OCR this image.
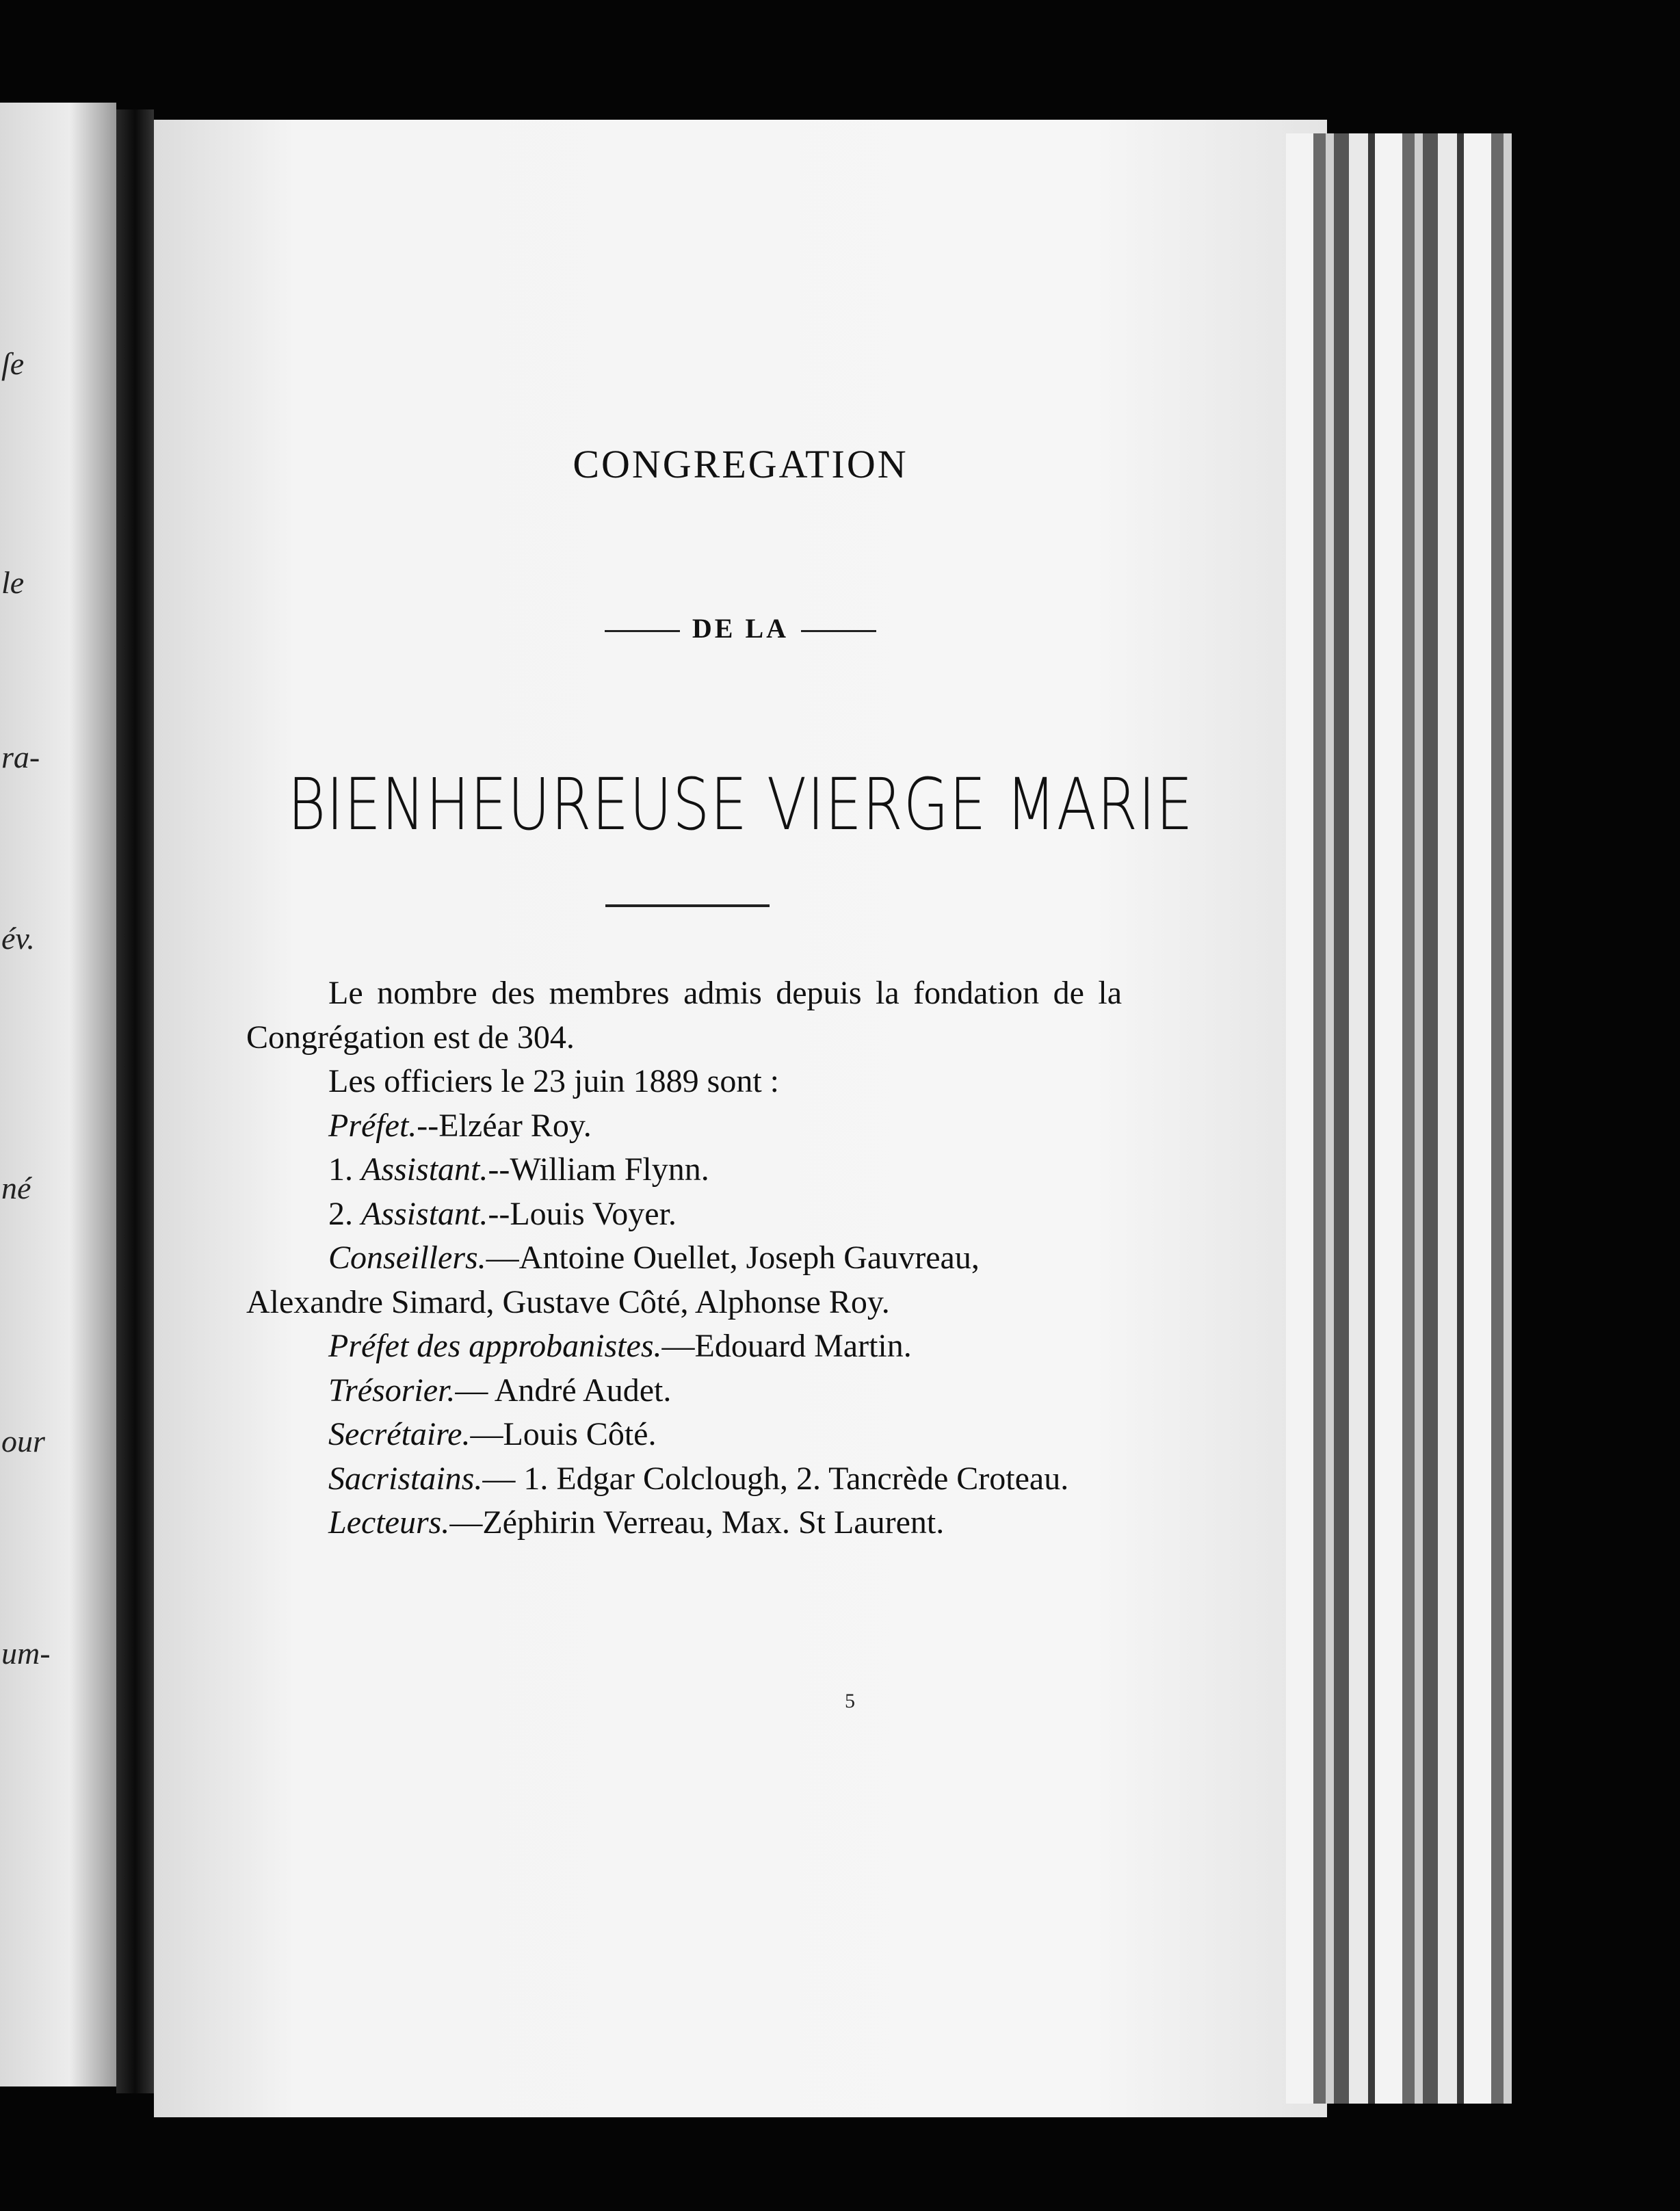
ſe
le
ra-
év.
né
our
um-
CONGREGATION
DE LA
BIENHEUREUSE VIERGE MARIE

Le nombre des membres admis depuis la fondation de la Congrégation est de 304.

Les officiers le 23 juin 1889 sont :

Préfet.--Elzéar Roy.

1. Assistant.--William Flynn.

2. Assistant.--Louis Voyer.

Conseillers.—Antoine Ouellet, Joseph Gauvreau, Alexandre Simard, Gustave Côté, Alphonse Roy.

Préfet des approbanistes.—Edouard Martin.

Trésorier.— André Audet.

Secrétaire.—Louis Côté.

Sacristains.— 1. Edgar Colclough, 2. Tancrède Croteau.

Lecteurs.—Zéphirin Verreau, Max. St Laurent.

5
